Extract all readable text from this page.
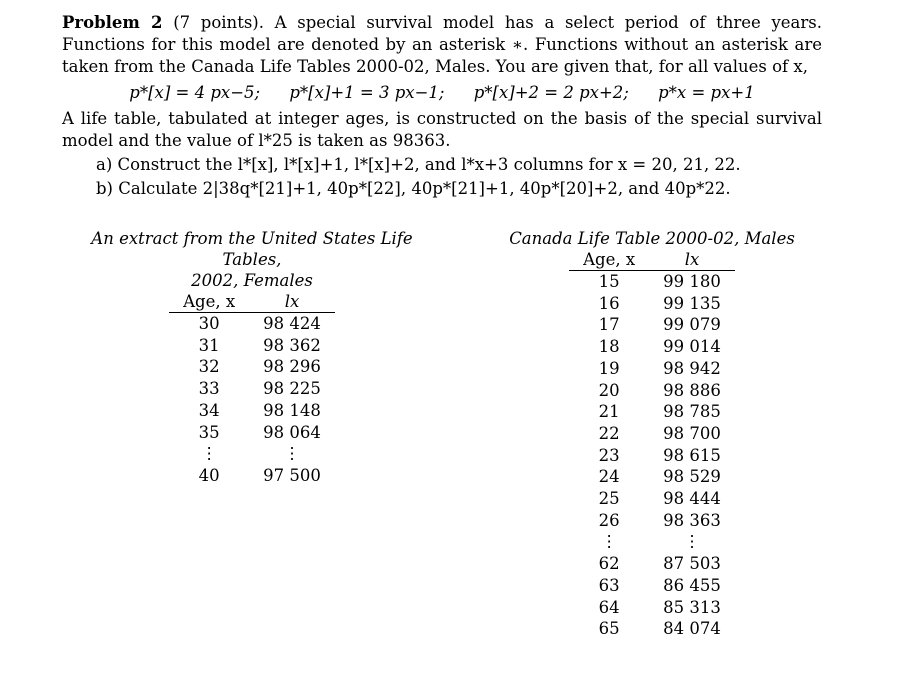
Problem 2 (7 points). A special survival model has a select period of three years. Functions for this model are denoted by an asterisk ∗. Functions without an asterisk are taken from the Canada Life Tables 2000-02, Males. You are given that, for all values of x,

p*[x] = 4 px−5; p*[x]+1 = 3 px−1; p*[x]+2 = 2 px+2; p*x = px+1

A life table, tabulated at integer ages, is constructed on the basis of the special survival model and the value of l*25 is taken as 98363.

a) Construct the l*[x], l*[x]+1, l*[x]+2, and l*x+3 columns for x = 20, 21, 22.
b) Calculate 2|38q*[21]+1, 40p*[22], 40p*[21]+1, 40p*[20]+2, and 40p*22.
An extract from the United States Life Tables,
2002, Females
Age, x	lx
30	98 424
31	98 362
32	98 296
33	98 225
34	98 148
35	98 064
⋮	⋮
40	97 500
Canada Life Table 2000-02, Males
Age, x	lx
15	99 180
16	99 135
17	99 079
18	99 014
19	98 942
20	98 886
21	98 785
22	98 700
23	98 615
24	98 529
25	98 444
26	98 363
⋮	⋮
62	87 503
63	86 455
64	85 313
65	84 074
